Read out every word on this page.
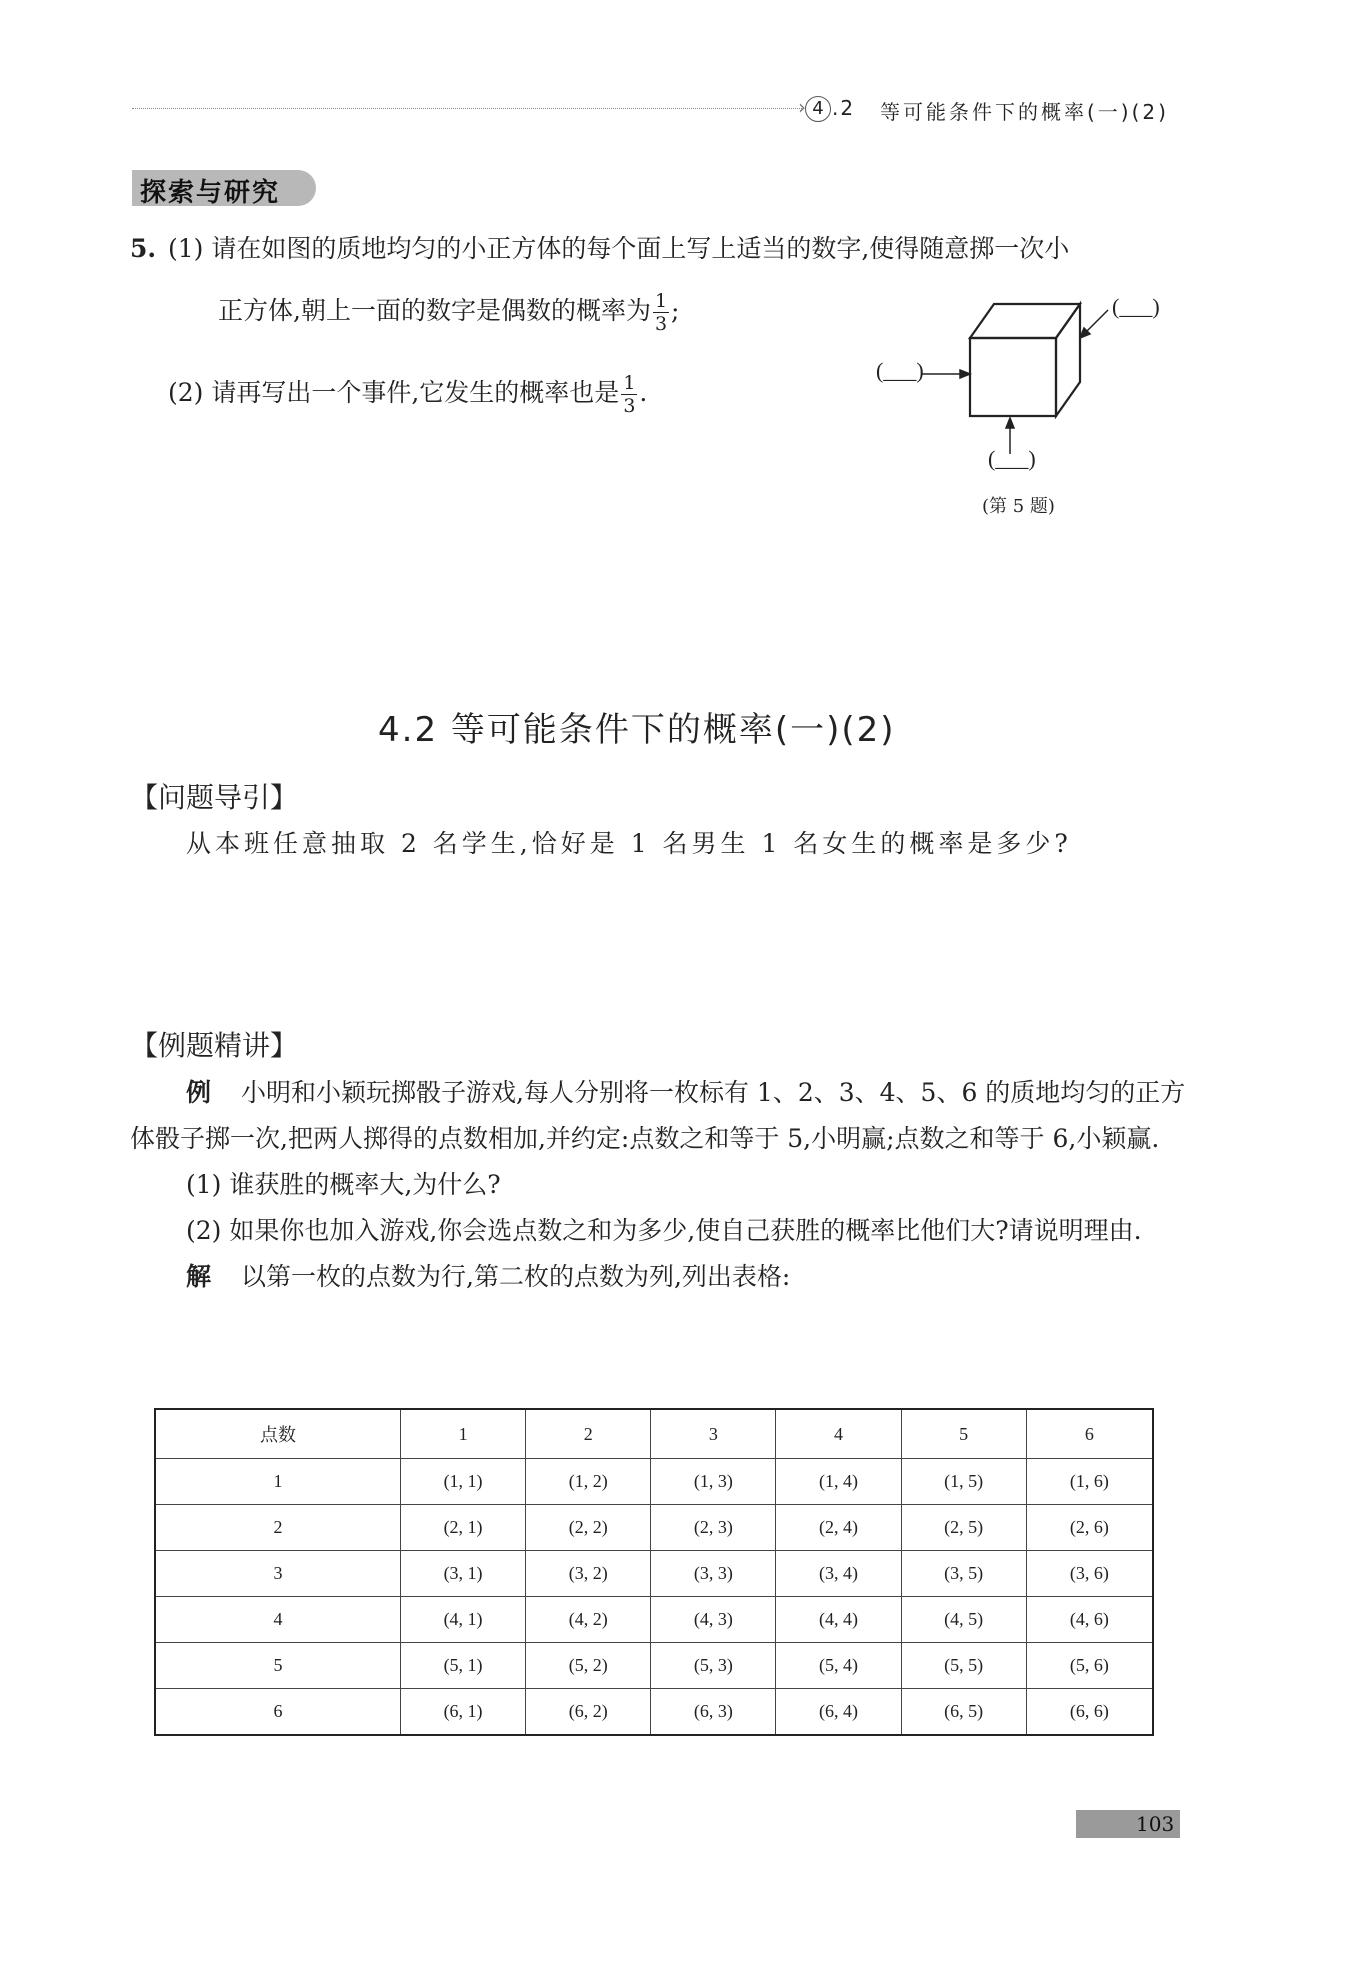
› 4 .2 等可能条件下的概率(一)(2)
探索与研究
5. (1) 请在如图的质地均匀的小正方体的每个面上写上适当的数字,使得随意掷一次小
正方体,朝上一面的数字是偶数的概率为 $\frac{1}{3}$ ;
(2) 请再写出一个事件,它发生的概率也是 $\frac{1}{3}$ .
(___)
(___)
(___)
(第 5 题)
4.2 等可能条件下的概率(一)(2)
【问题导引】
从本班任意抽取 2 名学生,恰好是 1 名男生 1 名女生的概率是多少?
【例题精讲】

例 小明和小颖玩掷骰子游戏,每人分别将一枚标有 1、2、3、4、5、6 的质地均匀的正方体骰子掷一次,把两人掷得的点数相加,并约定:点数之和等于 5,小明赢;点数之和等于 6,小颖赢.

(1) 谁获胜的概率大,为什么?

(2) 如果你也加入游戏,你会选点数之和为多少,使自己获胜的概率比他们大?请说明理由.

解 以第一枚的点数为行,第二枚的点数为列,列出表格:

点数	1	2	3	4	5	6
1	(1, 1)	(1, 2)	(1, 3)	(1, 4)	(1, 5)	(1, 6)
2	(2, 1)	(2, 2)	(2, 3)	(2, 4)	(2, 5)	(2, 6)
3	(3, 1)	(3, 2)	(3, 3)	(3, 4)	(3, 5)	(3, 6)
4	(4, 1)	(4, 2)	(4, 3)	(4, 4)	(4, 5)	(4, 6)
5	(5, 1)	(5, 2)	(5, 3)	(5, 4)	(5, 5)	(5, 6)
6	(6, 1)	(6, 2)	(6, 3)	(6, 4)	(6, 5)	(6, 6)
103
